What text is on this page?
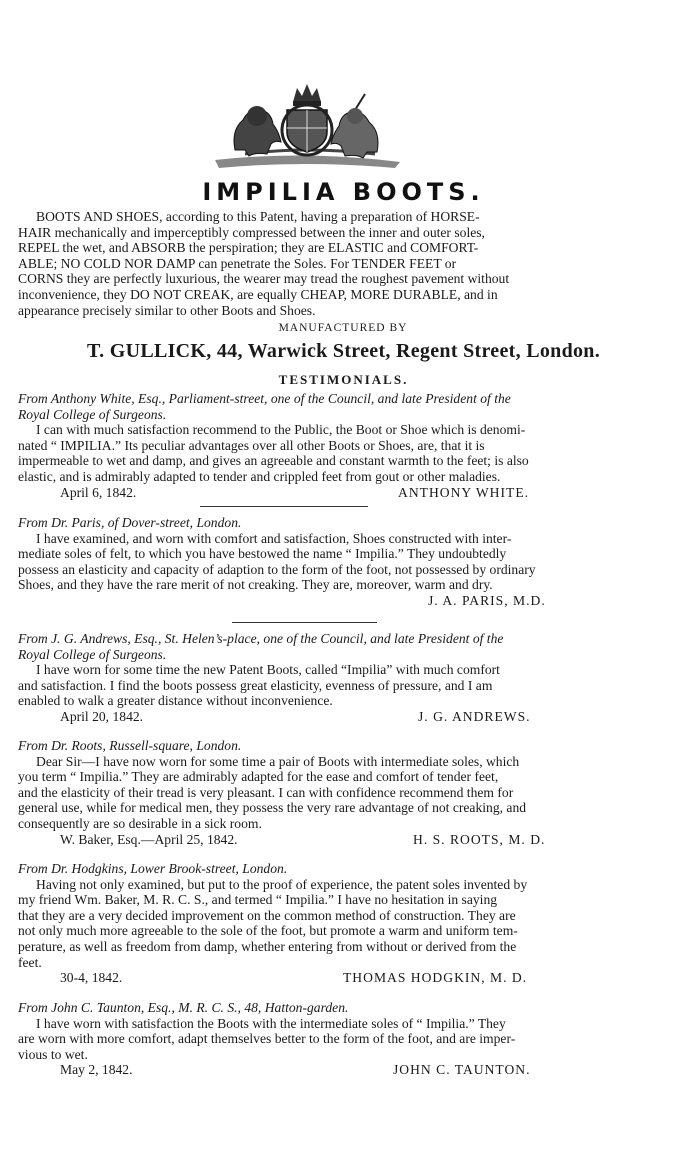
IMPILIA BOOTS.

BOOTS AND SHOES, according to this Patent, having a preparation of HORSE-

HAIR mechanically and imperceptibly compressed between the inner and outer soles,

REPEL the wet, and ABSORB the perspiration; they are ELASTIC and COMFORT-

ABLE; NO COLD NOR DAMP can penetrate the Soles. For TENDER FEET or

CORNS they are perfectly luxurious, the wearer may tread the roughest pavement without

inconvenience, they DO NOT CREAK, are equally CHEAP, MORE DURABLE, and in

appearance precisely similar to other Boots and Shoes.

MANUFACTURED BY
T. GULLICK, 44, Warwick Street, Regent Street, London.
TESTIMONIALS.

From Anthony White, Esq., Parliament-street, one of the Council, and late President of the

Royal College of Surgeons.

I can with much satisfaction recommend to the Public, the Boot or Shoe which is denomi-

nated “ IMPILIA.” Its peculiar advantages over all other Boots or Shoes, are, that it is

impermeable to wet and damp, and gives an agreeable and constant warmth to the feet; is also

elastic, and is admirably adapted to tender and crippled feet from gout or other maladies.

April 6, 1842.	ANTHONY WHITE.

From Dr. Paris, of Dover-street, London.

I have examined, and worn with comfort and satisfaction, Shoes constructed with inter-

mediate soles of felt, to which you have bestowed the name “ Impilia.” They undoubtedly

possess an elasticity and capacity of adaption to the form of the foot, not possessed by ordinary

Shoes, and they have the rare merit of not creaking. They are, moreover, warm and dry.

J. A. PARIS, M.D.

From J. G. Andrews, Esq., St. Helen’s-place, one of the Council, and late President of the

Royal College of Surgeons.

I have worn for some time the new Patent Boots, called “Impilia” with much comfort

and satisfaction. I find the boots possess great elasticity, evenness of pressure, and I am

enabled to walk a greater distance without inconvenience.

April 20, 1842.	J. G. ANDREWS.

From Dr. Roots, Russell-square, London.

Dear Sir—I have now worn for some time a pair of Boots with intermediate soles, which

you term “ Impilia.” They are admirably adapted for the ease and comfort of tender feet,

and the elasticity of their tread is very pleasant. I can with confidence recommend them for

general use, while for medical men, they possess the very rare advantage of not creaking, and

consequently are so desirable in a sick room.

W. Baker, Esq.—April 25, 1842.	H. S. ROOTS, M. D.

From Dr. Hodgkins, Lower Brook-street, London.

Having not only examined, but put to the proof of experience, the patent soles invented by

my friend Wm. Baker, M. R. C. S., and termed “ Impilia.” I have no hesitation in saying

that they are a very decided improvement on the common method of construction. They are

not only much more agreeable to the sole of the foot, but promote a warm and uniform tem-

perature, as well as freedom from damp, whether entering from without or derived from the

feet.

30-4, 1842.	THOMAS HODGKIN, M. D.

From John C. Taunton, Esq., M. R. C. S., 48, Hatton-garden.

I have worn with satisfaction the Boots with the intermediate soles of “ Impilia.” They

are worn with more comfort, adapt themselves better to the form of the foot, and are imper-

vious to wet.

May 2, 1842.	JOHN C. TAUNTON.
